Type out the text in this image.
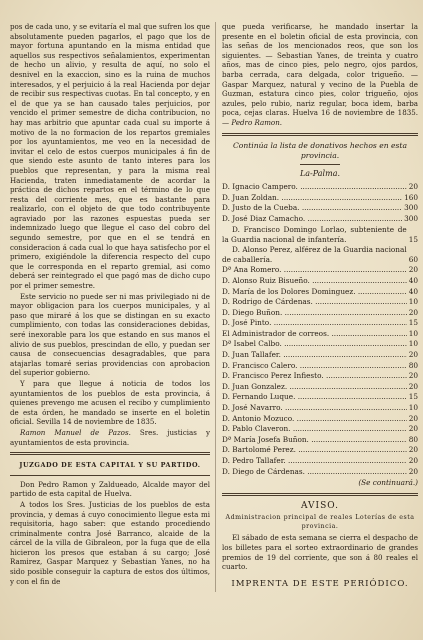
pos de cada uno, y se evitaría el mal que sufren los que absolutamente pueden pagarlos, el pago que los de mayor fortuna apuntando en la misma entidad que aquellos sus respectivos señalamientos, experimentan de hecho un alivio, y resulta de aquí, no solo el desnivel en la exaccion, sino es la ruina de muchos interesados, y el perjuicio á la real Hacienda por dejar de recibir sus respectivas cuotas. En tal concepto, y en el de que ya se han causado tales perjuicios, por vencido el primer semestre de dicha contribucion, no hay mas arbitrio que apuntar cada cual su importe á motivo de la no formacion de los repartos gremiales por los ayuntamientos, me veo en la necesidad de invitar el celo de estos cuerpos municipales á fin de que siendo este asunto de tanto interes para los pueblos que representan, y para la misma real Hacienda, traten inmediatamente de acordar la práctica de dichos repartos en el término de lo que resta del corriente mes, que es bastante para realizarlo, con el objeto de que todo contribuyente agraviado por las razones espuestas pueda ser indemnizado luego que llegue el caso del cobro del segundo semestre, por que en el se tendrá en consideracion á cada cual lo que haya satisfecho por el primero, exigiéndole la diferencia respecto del cupo que le corresponda en el reparto gremial, asi como deberá ser reintegrado el que pagó mas de dicho cupo por el primer semestre.

Este servicio no puede ser ni mas privilegiado ni de mayor obligacion para los cuerpos municipales, y al paso que miraré á los que se distingan en su exacto cumplimiento, con todas las consideraciones debidas, seré inexorable para los que estando en sus manos el alivio de sus pueblos, prescindan de ello, y puedan ser causa de consecuencias desagradables, que para atajarlas tomaré serias providencias con aprobacion del superior gobierno.

Y para que llegue á noticia de todos los ayuntamientos de los pueblos de esta provincia, á quienes prevengo me acusen el recibo y cumplimiento de esta órden, he mandado se inserte en el boletin oficial. Sevilla 14 de noviembre de 1835.

Ramon Manuel de Pazos. Sres. justicias y ayuntamientos de esta provincia.

JUZGADO DE ESTA CAPITAL Y SU PARTIDO.

Don Pedro Ramon y Zaldueado, Alcalde mayor del partido de esta capital de Huelva.

A todos los Sres. Justicias de los pueblos de esta provincia, y demas á cuyo conocimiento llegue esta mi requisitoria, hago saber: que estando procediendo criminalmente contra José Barranco, alcaide de la cárcel de la villa de Gibraleon, por la fuga que de ella hicieron los presos que estaban á su cargo; José Ramirez, Gaspar Marquez y Sebastian Yanes, no ha sido posible conseguir la captura de estos dos últimos, y con el fin de

que pueda verificarse, he mandado insertar la presente en el boletin oficial de esta provincia, con las señas de los mencionados reos, que son los siguientes. — Sebastian Yanes, de treinta y cuatro años, mas de cinco pies, pelo negro, ojos pardos, barba cerrada, cara delgada, color trigueño. — Gaspar Marquez, natural y vecino de la Puebla de Guzman, estatura cinco pies, color trigueño, ojos azules, pelo rubio, nariz regular, boca idem, barba poca, cejas claras. Huelva 16 de noviembre de 1835. — Pedro Ramon.

Continúa la lista de donativos hechos en esta provincia.
La-Palma.
D. Ignacio Campero. .....	20
D. Juan Zoldan. .....	160
D. Justo de la Cueba. .....	300
D. José Diaz Camacho. .....	300
D. Francisco Domingo Lorlao, subteniente de la Guardia nacional de infantería.	15
D. Alonso Perez, alférez de la Guardia nacional de caballería.	60
Dª Ana Romero. .....	20
D. Alonso Ruiz Bisueño. .....	40
D. María de los Dolores Dominguez. .....	40
D. Rodrigo de Cárdenas. .....	10
D. Diego Buñon. .....	20
D. José Pinto. .....	15
El Administrador de correos. .....	10
Dª Isabel Calbo. .....	10
D. Juan Tallafer. .....	20
D. Francisco Calero. .....	80
D. Francisco Perez Infiesto. .....	20
D. Juan Gonzalez. .....	20
D. Fernando Luque. .....	15
D. José Navarro. .....	10
D. Antonio Mozuco. .....	20
D. Pablo Claveron. .....	20
Dª María Josefa Buñon. .....	80
D. Bartolomé Perez. .....	20
D. Pedro Tallafer. .....	20
D. Diego de Cárdenas. .....	20
(Se continuará.)
AVISO.
Administracion principal de reales Loterías de esta provincia.

El sábado de esta semana se cierra el despacho de los billetes para el sorteo extraordinario de grandes premios de 19 del corriente, que son á 80 reales el cuarto.

IMPRENTA DE ESTE PERIÓDICO.
